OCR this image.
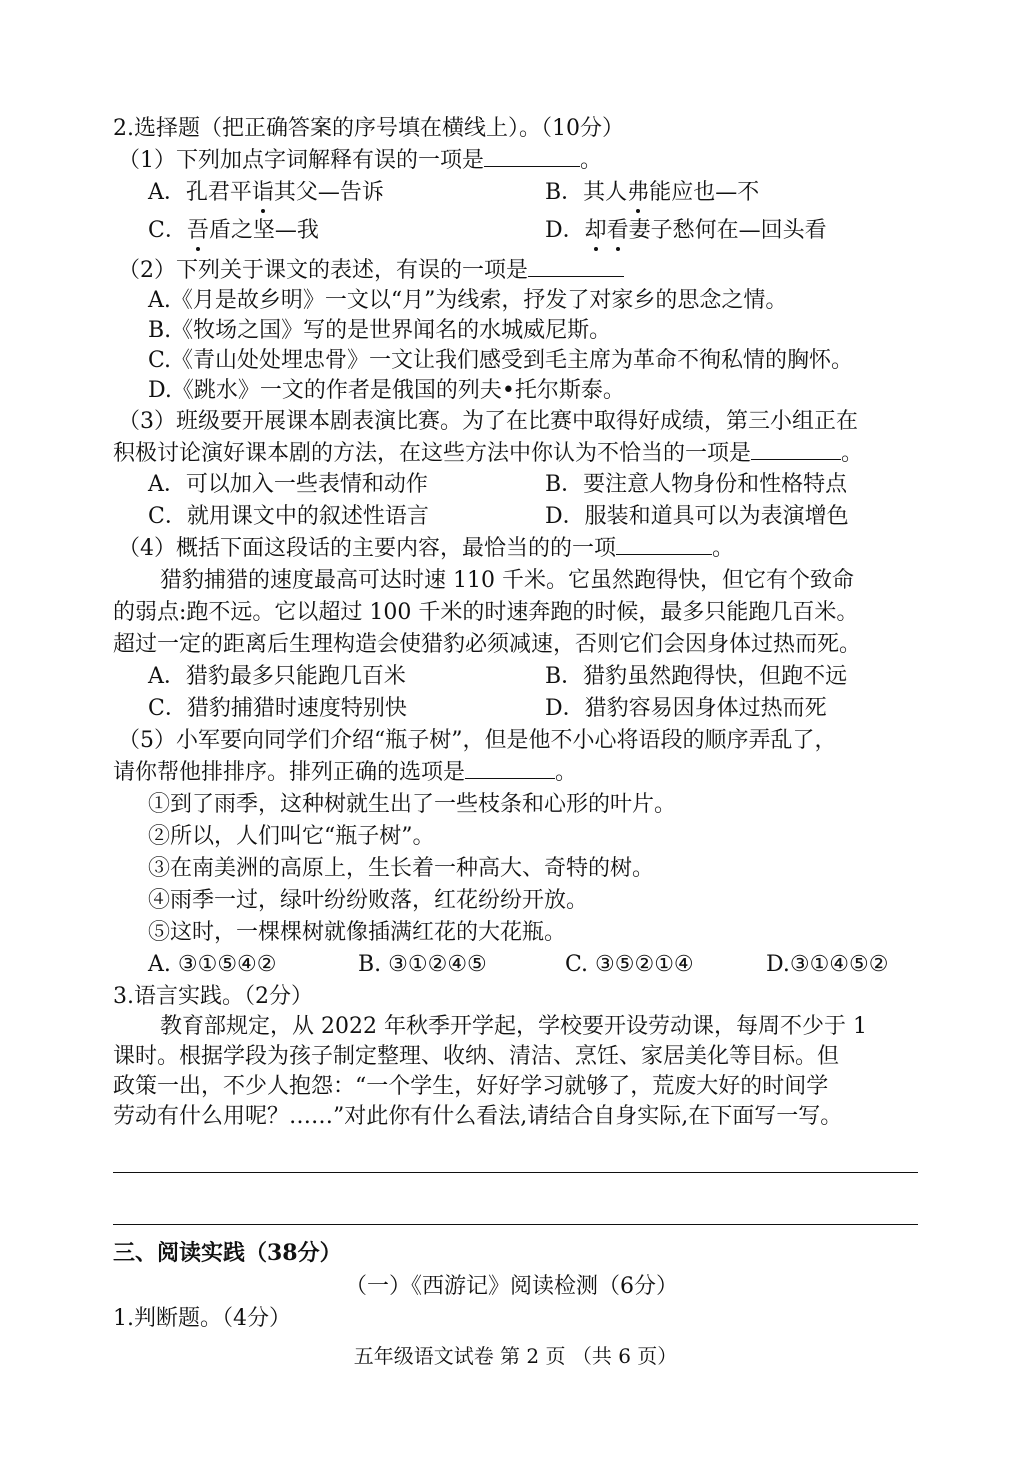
2.选择题（把正确答案的序号填在横线上）。（10分）
（1）下列加点字词解释有误的一项是	。
A．孔君平诣其父—告诉	B．其人弗能应也—不
C．吾盾之坚—我	D．却看妻子愁何在—回头看
（2）下列关于课文的表述，有误的一项是
A.《月是故乡明》一文以“月”为线索，抒发了对家乡的思念之情。
B.《牧场之国》写的是世界闻名的水城威尼斯。
C.《青山处处埋忠骨》一文让我们感受到毛主席为革命不徇私情的胸怀。
D.《跳水》一文的作者是俄国的列夫•托尔斯泰。
（3）班级要开展课本剧表演比赛。为了在比赛中取得好成绩，第三小组正在
积极讨论演好课本剧的方法，在这些方法中你认为不恰当的一项是	。
A．可以加入一些表情和动作	B．要注意人物身份和性格特点
C．就用课文中的叙述性语言	D．服装和道具可以为表演增色
（4）概括下面这段话的主要内容，最恰当的的一项	。
猎豹捕猎的速度最高可达时速 110 千米。它虽然跑得快，但它有个致命
的弱点:跑不远。它以超过 100 千米的时速奔跑的时候，最多只能跑几百米。
超过一定的距离后生理构造会使猎豹必须减速，否则它们会因身体过热而死。
A．猎豹最多只能跑几百米	B．猎豹虽然跑得快，但跑不远
C．猎豹捕猎时速度特别快	D．猎豹容易因身体过热而死
（5）小军要向同学们介绍“瓶子树”，但是他不小心将语段的顺序弄乱了，
请你帮他排排序。排列正确的选项是	。
①到了雨季，这种树就生出了一些枝条和心形的叶片。
②所以，人们叫它“瓶子树”。
③在南美洲的高原上，生长着一种高大、奇特的树。
④雨季一过，绿叶纷纷败落，红花纷纷开放。
⑤这时，一棵棵树就像插满红花的大花瓶。
A. ③①⑤④②	B. ③①②④⑤	C. ③⑤②①④	D.③①④⑤②
3.语言实践。（2分）
教育部规定，从 2022 年秋季开学起，学校要开设劳动课，每周不少于 1
课时。根据学段为孩子制定整理、收纳、清洁、烹饪、家居美化等目标。但
政策一出，不少人抱怨：“一个学生，好好学习就够了，荒废大好的时间学
劳动有什么用呢？……”对此你有什么看法,请结合自身实际,在下面写一写。
三、阅读实践（38分）
（一）《西游记》阅读检测（6分）
1.判断题。（4分）
五年级语文试卷 第 2 页 （共 6 页）
